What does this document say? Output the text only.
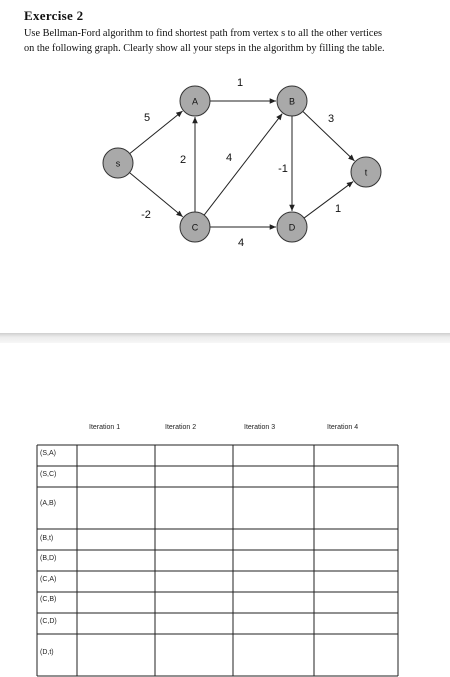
Exercise 2
Use Bellman-Ford algorithm to find shortest path from vertex s to all the other vertices
on the following graph. Clearly show all your steps in the algorithm by filling the table.
5
-2
1
2	4
-1
3
4
1
s
A	B
C	D
t
Iteration 1	Iteration 2	Iteration 3	Iteration 4
(S,A)
(S,C)
(A,B)
(B,t)
(B,D)
(C,A)
(C,B)
(C,D)
(D,t)
